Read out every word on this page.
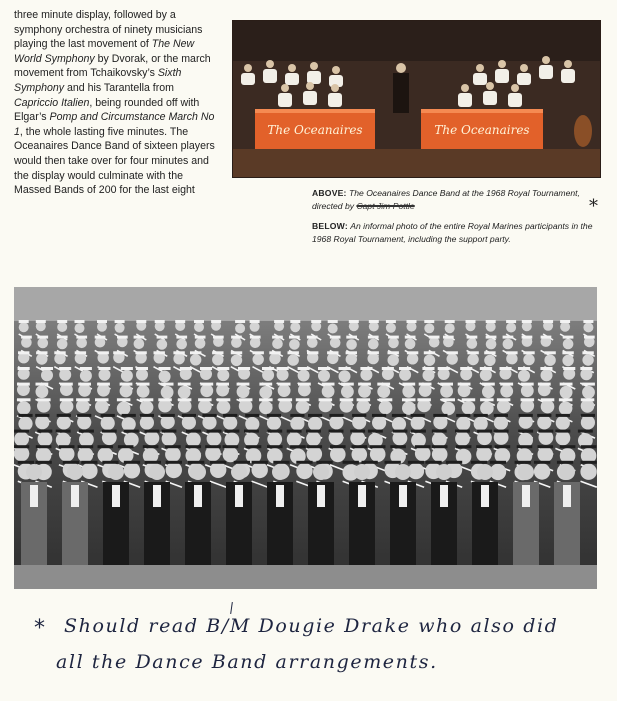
three minute display, followed by a symphony orchestra of ninety musicians playing the last movement of The New World Symphony by Dvorak, or the march movement from Tchaikovsky’s Sixth Symphony and his Tarantella from Capriccio Italien, being rounded off with Elgar’s Pomp and Circumstance March No 1, the whole lasting five minutes. The Oceanaires Dance Band of sixteen players would then take over for four minutes and the display would culminate with the Massed Bands of 200 for the last eight

The Oceanaires	The Oceanaires
ABOVE: The Oceanaires Dance Band at the 1968 Royal Tournament, directed by Capt Jim Pottle	*
BELOW: An informal photo of the entire Royal Marines participants in the 1968 Royal Tournament, including the support party.
*	Should read B/M Dougie Drake who also did
all the Dance Band arrangements.
